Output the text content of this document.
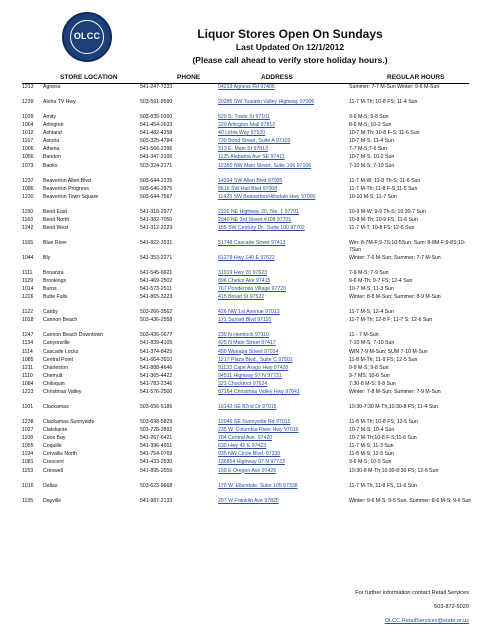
OLCC	Liquor Stores Open On Sundays
Last Updated On 12/1/2012
(Please call ahead to verify store holiday hours.)
STORE LOCATION	PHONE	ADDRESS	REGULAR HOURS
1213 Agness	541-247-7233	04219 Agness Rd 97406	Summer: 7-7 M-Sun Winter: 9-6 M-Sun
1239 Aloha TV Hwy	503-591-9590	20285 SW Tualatin Valley Highway 97006	11-7 M-Th; 10-8 FS; 11-4 Sun
1039 Amity	503-835-0300	520 S. Trade St 97101	9-9 M-S; 9-8 Sun
1064 Arlington	541-454-2633	220 Arlington Mall 97812	8-6 M-S; 10-2 Sun
1012 Ashland	541-482-4258	40 Lithia Way 97520	10-7 M-Th; 10-8 F-S; 11-6 Sun
1167 Astoria	503-325-4784	730 Bond Street, Suite A 97103	10-7 M-S; 11-4 Sun
1006 Athena	541-566-2396	313 E. Main St 97813	7-7 M-S;7-6 Sun
1056 Bandon	541-347-2106	1125 Alabama Ave SE 97411	10-7 M-S; 10-2 Sun
1073 Banks	503-324-2171	12350 NW Main Street, Suite 106 97106	7-10 M-S; 7-10 Sun
1237 Beaverton Allen Blvd	503-644-2235	14334 SW Allen Blvd 97005	11-7 M-W; 11-8 Th-S; 11-6 Sun
1086 Beaverton Progress	503-646-2875	8616 SW Hall Blvd 97008	11-7 M-Th; 11-8 F-S;11-5 Sun
1230 Beaverton Town Square	503-644-7567	11423 SW Beaverton/Hillsdale Hwy 97005	10-10 M-S; 11-7 Sun
1150 Bend East	541-318-2977	2220 NE Highway 20, Ste. 1 97701	10-9 M-W; 9-9 Th-S; 10:30-7 Sun
1163 Bend North	541-382-7050	2040 NE 3rd Street #108 97701	10-8 M-Th; 10-9 FS, 11-6 Sun
1242 Bend West	541-312-2229	155 SW Century Dr., Suite 100 97702	11-7 M-T; 10-8 FS; 12-6 Sun
1165 Blue River	541-822-3531	51748 Cascade Street 97413	Win: 8-7M-F;9-7S;10-5Sun. Sum: 8-8M-F;9-8S;10-7Sun
1044 Bly	541-353-2271	61278 Hwy 140 E 97622	Winter: 7-6 M-Sun; Summer: 7-7 M-Sun
1111 Bonanza	541-545-6621	31919 Hwy 70 97623	7-9 M-S; 7-9 Sun
1129 Brookings	541-469-2502	896 Chetco Ave 97415	9-6 M-Th; 9-7 FS; 12-4 Sun
1014 Burns	541-573-2511	767 Ponderosa Village 97720	10-7 M-S, 11-3 Sun
1226 Butte Falls	541-865-3223	415 Broad St 97522	Winter: 8-8 M-Sun; Summer: 8-9 M-Sun
1122 Canby	503-266-3562	426 NW 1st Avenue 97013	11-7 M-S; 12-4 Sun
1018 Cannon Beach	503-436-2558	171 Sunset Blvd 97110	11-7 M-Th; 12-8 F; 11-7 S; 12-6 Sun
1247 Cannon Beach Downtown	503-436-0677	239 N Hemlock 97110	11 - 7 M-Sun
1134 Canyonville	541-839-4105	425 N Main Street 97417	7-10 M-S; 7-10 Sun
1114 Cascade Locks	541-374-8425	450 Wanapa Street 97014	WIN 7-9 M-Sun; SUM 7-10 M-Sun
1085 Central Point	541-664-3910	1217 Plaza Blvd., Suite C 97502	11-8 M-Th; 11-9 FS; 12-5 Sun
1211 Charleston	541-888-4646	91133 Cape Arago Hwy 97420	9-9 M-S; 9-8 Sun
1110 Chemult	541-365-4422	94511 Highway 97 N 97731	9-7 MS; 10-6 Sun
1084 Chiloquin	541-783-2346	323 Chocktoot 97624	7:30-8 M-S; 9-8 Sun
1223 Christmas Valley	541-576-2500	87164 Christmas Valley Hwy 97641	Winter: 7-8 M-Sun; Summer: 7-9 M-Sun
1101 Clackamas	503-656-5186	16142 SE 82nd Dr 97015	10:30-7:30 M-Th,10:30-8 FS; 11-4 Sun
1238 Clackamas Sunnyside	503-698-5829	12046 SE Sunnyside Rd 97015	11-8 M-Th; 10-8 FS; 12-5 Sun
1027 Clatskanie	503-728-2892	235 W. Columbia River Hwy 97016	10-7 M-S; 10-4 Sun
1108 Coos Bay	541-267-6421	784 Central Ave. 97420	10-7 M-Th;10-8 F-S;11-6 Sun
1055 Coquille	541-396-4651	630 Hwy 42 E 97423	11-7 M-S; 11-3 Sun
1194 Corvallis North	541-754-0769	935 NW Circle Blvd. 97330	11-8 M-S; 12-5 Sun
1081 Crescent	541-433-2530	136854 Highway 97 N 97733	9-6 M-S; 10-5 Sun
1153 Creswell	541-895-2559	159 E Oregon Ave 97426	10:30-8 M-Th;10:30-8:30 FS; 12-6 Sun
1016 Dallas	503-623-9668	170 W. Ellendale, Suite 105 97338	11-7 M-Th, 11-8 FS, 11-6 Sun
1135 Dayville	541-987-2133	207 W Franklin Ave 97825	Winter: 9-6 M-S; 9-5 Sun. Summer: 8-6 M-S; 9-6 Sun
For further information contact Retail Services
503-872-5020
OLCC.RetailServices@state.or.us
